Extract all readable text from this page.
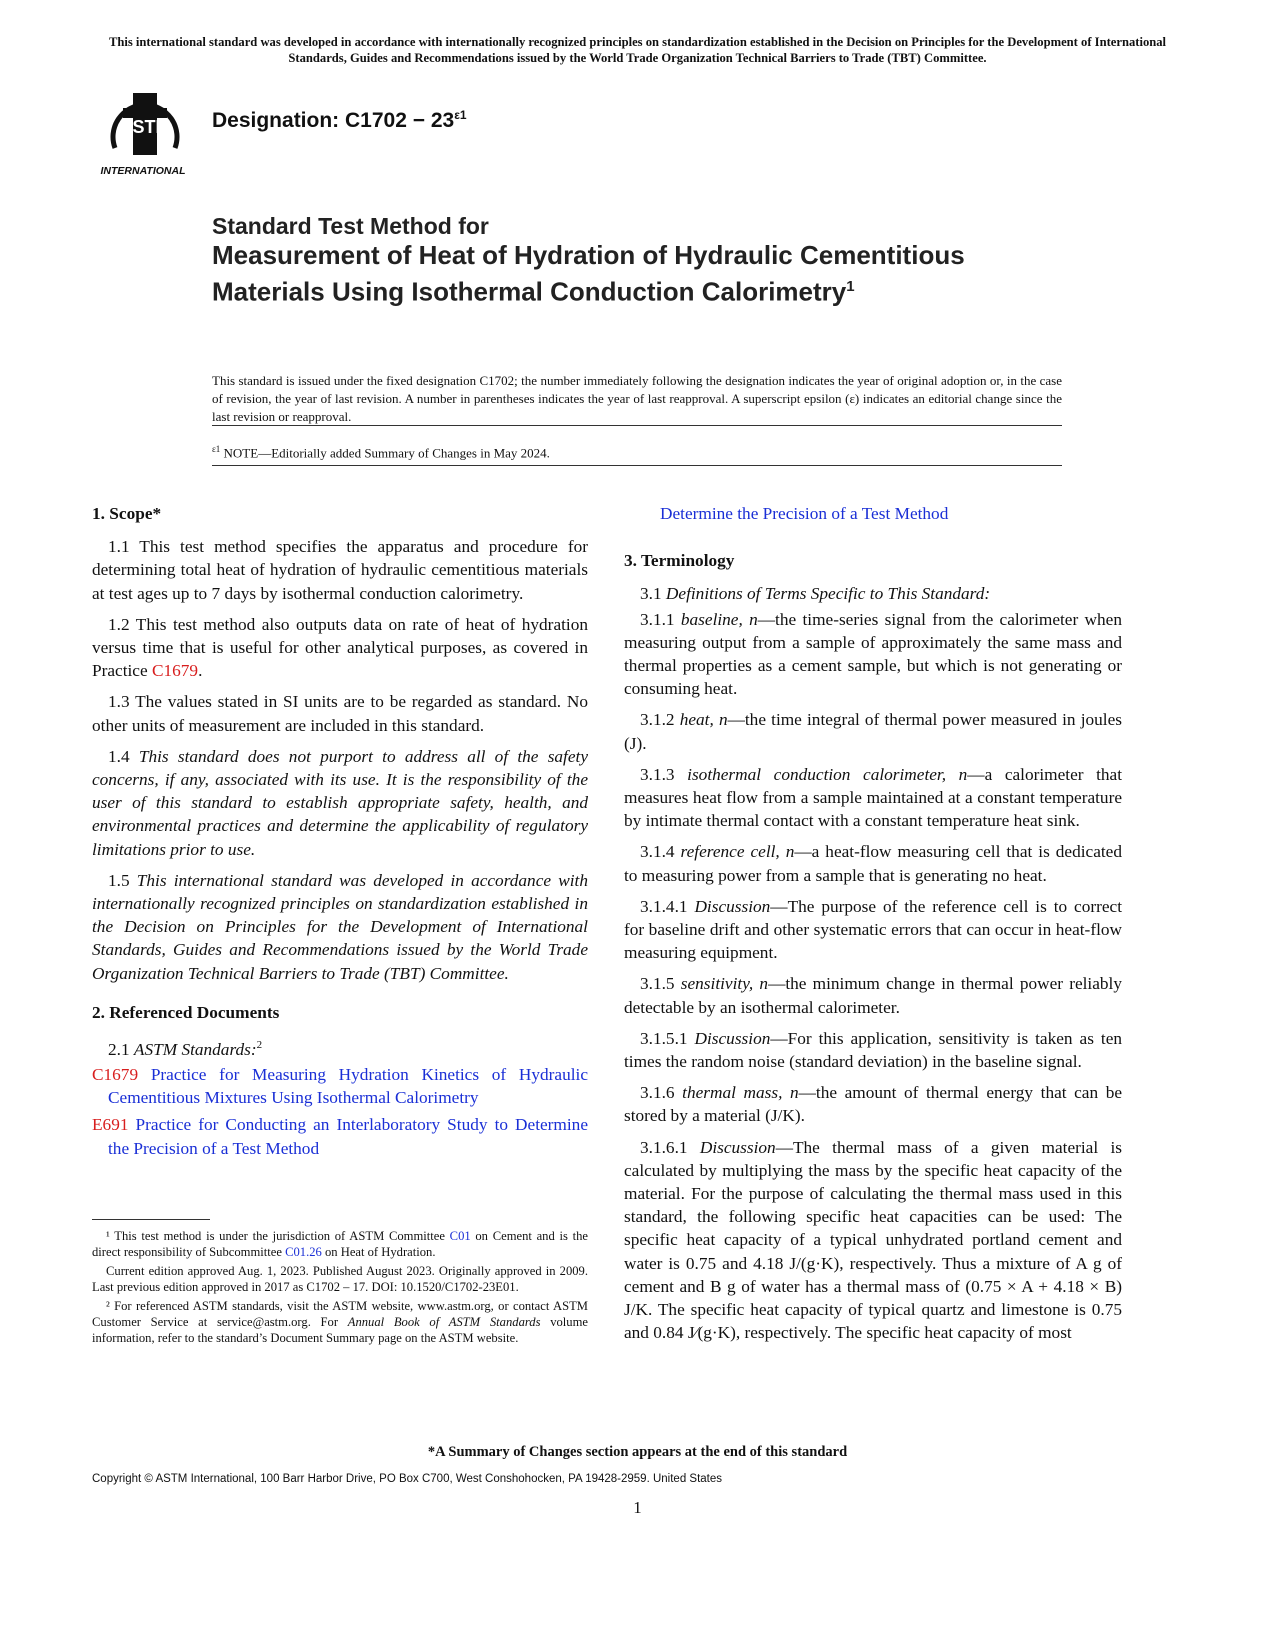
This international standard was developed in accordance with internationally recognized principles on standardization established in the Decision on Principles for the Development of International Standards, Guides and Recommendations issued by the World Trade Organization Technical Barriers to Trade (TBT) Committee.
ASTM
INTERNATIONAL
Designation: $C1702 - 23^{\varepsilon 1}$
Standard Test Method for
Measurement of Heat of Hydration of Hydraulic Cementitious Materials Using Isothermal Conduction Calorimetry$^1$
This standard is issued under the fixed designation C1702; the number immediately following the designation indicates the year of original adoption or, in the case of revision, the year of last revision. A number in parentheses indicates the year of last reapproval. A superscript epsilon (ε) indicates an editorial change since the last revision or reapproval.
$^{\varepsilon 1}$ NOTE—Editorially added Summary of Changes in May 2024.

1. Scope*

1.1 This test method specifies the apparatus and procedure for determining total heat of hydration of hydraulic cementitious materials at test ages up to 7 days by isothermal conduction calorimetry.

1.2 This test method also outputs data on rate of heat of hydration versus time that is useful for other analytical purposes, as covered in Practice C1679.

1.3 The values stated in SI units are to be regarded as standard. No other units of measurement are included in this standard.

1.4 This standard does not purport to address all of the safety concerns, if any, associated with its use. It is the responsibility of the user of this standard to establish appropriate safety, health, and environmental practices and determine the applicability of regulatory limitations prior to use.

1.5 This international standard was developed in accordance with internationally recognized principles on standardization established in the Decision on Principles for the Development of International Standards, Guides and Recommendations issued by the World Trade Organization Technical Barriers to Trade (TBT) Committee.

2. Referenced Documents

2.1 ASTM Standards:$^2$

C1679 Practice for Measuring Hydration Kinetics of Hydraulic Cementitious Mixtures Using Isothermal Calorimetry

E691 Practice for Conducting an Interlaboratory Study to Determine the Precision of a Test Method

¹ This test method is under the jurisdiction of ASTM Committee C01 on Cement and is the direct responsibility of Subcommittee C01.26 on Heat of Hydration.

Current edition approved Aug. 1, 2023. Published August 2023. Originally approved in 2009. Last previous edition approved in 2017 as C1702 – 17. DOI: 10.1520/C1702-23E01.

² For referenced ASTM standards, visit the ASTM website, www.astm.org, or contact ASTM Customer Service at service@astm.org. For Annual Book of ASTM Standards volume information, refer to the standard’s Document Summary page on the ASTM website.

Determine the Precision of a Test Method

3. Terminology

3.1 Definitions of Terms Specific to This Standard:

3.1.1 baseline, n—the time-series signal from the calorimeter when measuring output from a sample of approximately the same mass and thermal properties as a cement sample, but which is not generating or consuming heat.

3.1.2 heat, n—the time integral of thermal power measured in joules (J).

3.1.3 isothermal conduction calorimeter, n—a calorimeter that measures heat flow from a sample maintained at a constant temperature by intimate thermal contact with a constant temperature heat sink.

3.1.4 reference cell, n—a heat-flow measuring cell that is dedicated to measuring power from a sample that is generating no heat.

3.1.4.1 Discussion—The purpose of the reference cell is to correct for baseline drift and other systematic errors that can occur in heat-flow measuring equipment.

3.1.5 sensitivity, n—the minimum change in thermal power reliably detectable by an isothermal calorimeter.

3.1.5.1 Discussion—For this application, sensitivity is taken as ten times the random noise (standard deviation) in the baseline signal.

3.1.6 thermal mass, n—the amount of thermal energy that can be stored by a material (J/K).

3.1.6.1 Discussion—The thermal mass of a given material is calculated by multiplying the mass by the specific heat capacity of the material. For the purpose of calculating the thermal mass used in this standard, the following specific heat capacities can be used: The specific heat capacity of a typical unhydrated portland cement and water is 0.75 and 4.18 J/(g·K), respectively. Thus a mixture of A g of cement and B g of water has a thermal mass of (0.75 × A + 4.18 × B) J/K. The specific heat capacity of typical quartz and limestone is 0.75 and 0.84 J⁄(g·K), respectively. The specific heat capacity of most

*A Summary of Changes section appears at the end of this standard
Copyright © ASTM International, 100 Barr Harbor Drive, PO Box C700, West Conshohocken, PA 19428-2959. United States
1
